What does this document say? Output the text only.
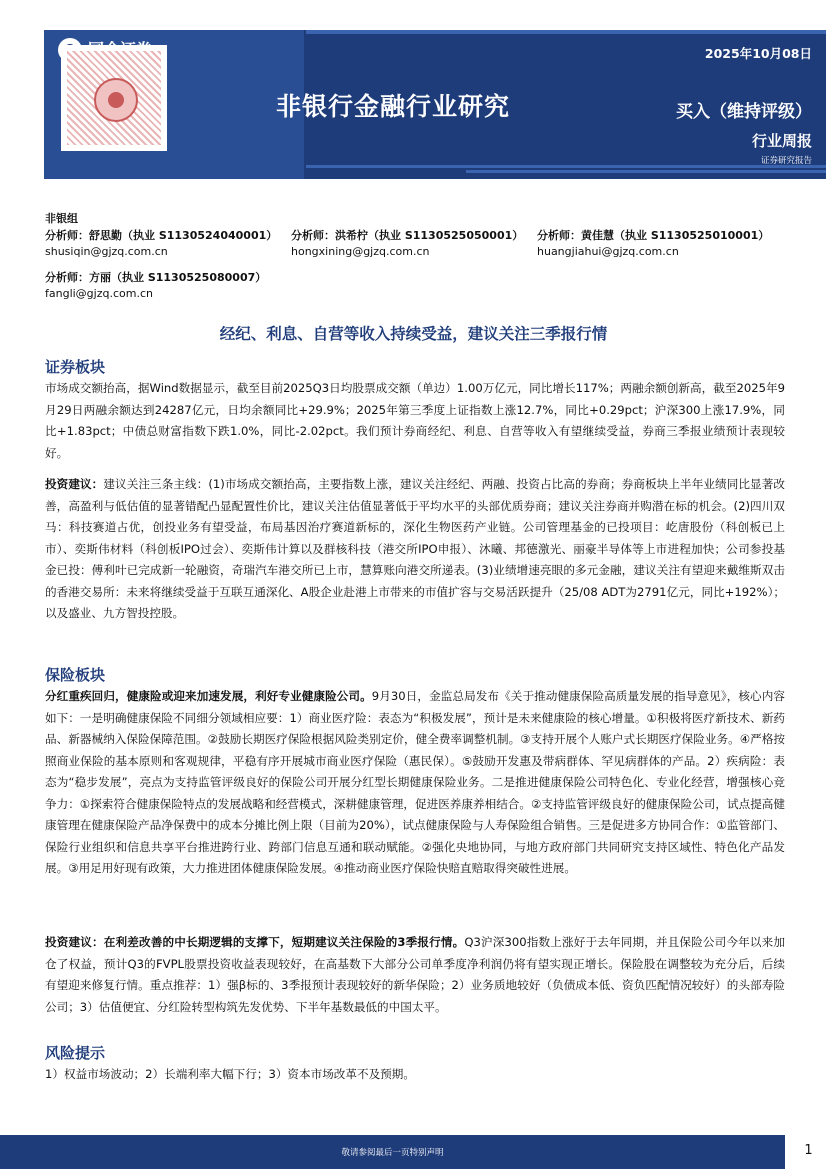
2025年10月08日
非银行金融行业研究	买入（维持评级）
行业周报
证券研究报告
非银组
分析师：舒思勤（执业 S1130524040001） 分析师：洪希柠（执业 S1130525050001） 分析师：黄佳慧（执业 S1130525010001）
shusiqin@gjzq.com.cn	hongxining@gjzq.com.cn	huangjiahui@gjzq.com.cn
分析师：方丽（执业 S1130525080007）
fangli@gjzq.com.cn
经纪、利息、自营等收入持续受益，建议关注三季报行情
证券板块
市场成交额抬高，据Wind数据显示，截至目前2025Q3日均股票成交额（单边）1.00万亿元，同比增长117%；两融余额创新高，截至2025年9月29日两融余额达到24287亿元，日均余额同比+29.9%；2025年第三季度上证指数上涨12.7%，同比+0.29pct；沪深300上涨17.9%，同比+1.83pct；中债总财富指数下跌1.0%，同比-2.02pct。我们预计券商经纪、利息、自营等收入有望继续受益，券商三季报业绩预计表现较好。
投资建议：建议关注三条主线：(1)市场成交额抬高，主要指数上涨，建议关注经纪、两融、投资占比高的券商；券商板块上半年业绩同比显著改善，高盈利与低估值的显著错配凸显配置性价比，建议关注估值显著低于平均水平的头部优质券商；建议关注券商并购潜在标的机会。(2)四川双马：科技赛道占优，创投业务有望受益，布局基因治疗赛道新标的，深化生物医药产业链。公司管理基金的已投项目：屹唐股份（科创板已上市）、奕斯伟材料（科创板IPO过会）、奕斯伟计算以及群核科技（港交所IPO申报）、沐曦、邦德激光、丽豪半导体等上市进程加快；公司参投基金已投：傅利叶已完成新一轮融资，奇瑞汽车港交所已上市，慧算账向港交所递表。(3)业绩增速亮眼的多元金融，建议关注有望迎来戴维斯双击的香港交易所：未来将继续受益于互联互通深化、A股企业赴港上市带来的市值扩容与交易活跃提升（25/08 ADT为2791亿元，同比+192%）；以及盛业、九方智投控股。
保险板块
分红重疾回归，健康险或迎来加速发展，利好专业健康险公司。9月30日，金监总局发布《关于推动健康保险高质量发展的指导意见》，核心内容如下：一是明确健康保险不同细分领域相应要：1）商业医疗险：表态为“积极发展”，预计是未来健康险的核心增量。①积极将医疗新技术、新药品、新器械纳入保险保障范围。②鼓励长期医疗保险根据风险类别定价，健全费率调整机制。③支持开展个人账户式长期医疗保险业务。④严格按照商业保险的基本原则和客观规律，平稳有序开展城市商业医疗保险（惠民保）。⑤鼓励开发惠及带病群体、罕见病群体的产品。2）疾病险：表态为“稳步发展”，亮点为支持监管评级良好的保险公司开展分红型长期健康保险业务。二是推进健康保险公司特色化、专业化经营，增强核心竞争力：①探索符合健康保险特点的发展战略和经营模式，深耕健康管理，促进医养康养相结合。②支持监管评级良好的健康保险公司，试点提高健康管理在健康保险产品净保费中的成本分摊比例上限（目前为20%），试点健康保险与人寿保险组合销售。三是促进多方协同合作：①监管部门、保险行业组织和信息共享平台推进跨行业、跨部门信息互通和联动赋能。②强化央地协同，与地方政府部门共同研究支持区域性、特色化产品发展。③用足用好现有政策，大力推进团体健康保险发展。④推动商业医疗保险快赔直赔取得突破性进展。
投资建议：在利差改善的中长期逻辑的支撑下，短期建议关注保险的3季报行情。Q3沪深300指数上涨好于去年同期，并且保险公司今年以来加仓了权益，预计Q3的FVPL股票投资收益表现较好，在高基数下大部分公司单季度净利润仍将有望实现正增长。保险股在调整较为充分后，后续有望迎来修复行情。重点推荐：1）强β标的、3季报预计表现较好的新华保险；2）业务质地较好（负债成本低、资负匹配情况较好）的头部寿险公司；3）估值便宜、分红险转型构筑先发优势、下半年基数最低的中国太平。
风险提示
1）权益市场波动；2）长端利率大幅下行；3）资本市场改革不及预期。
敬请参阅最后一页特别声明	1
